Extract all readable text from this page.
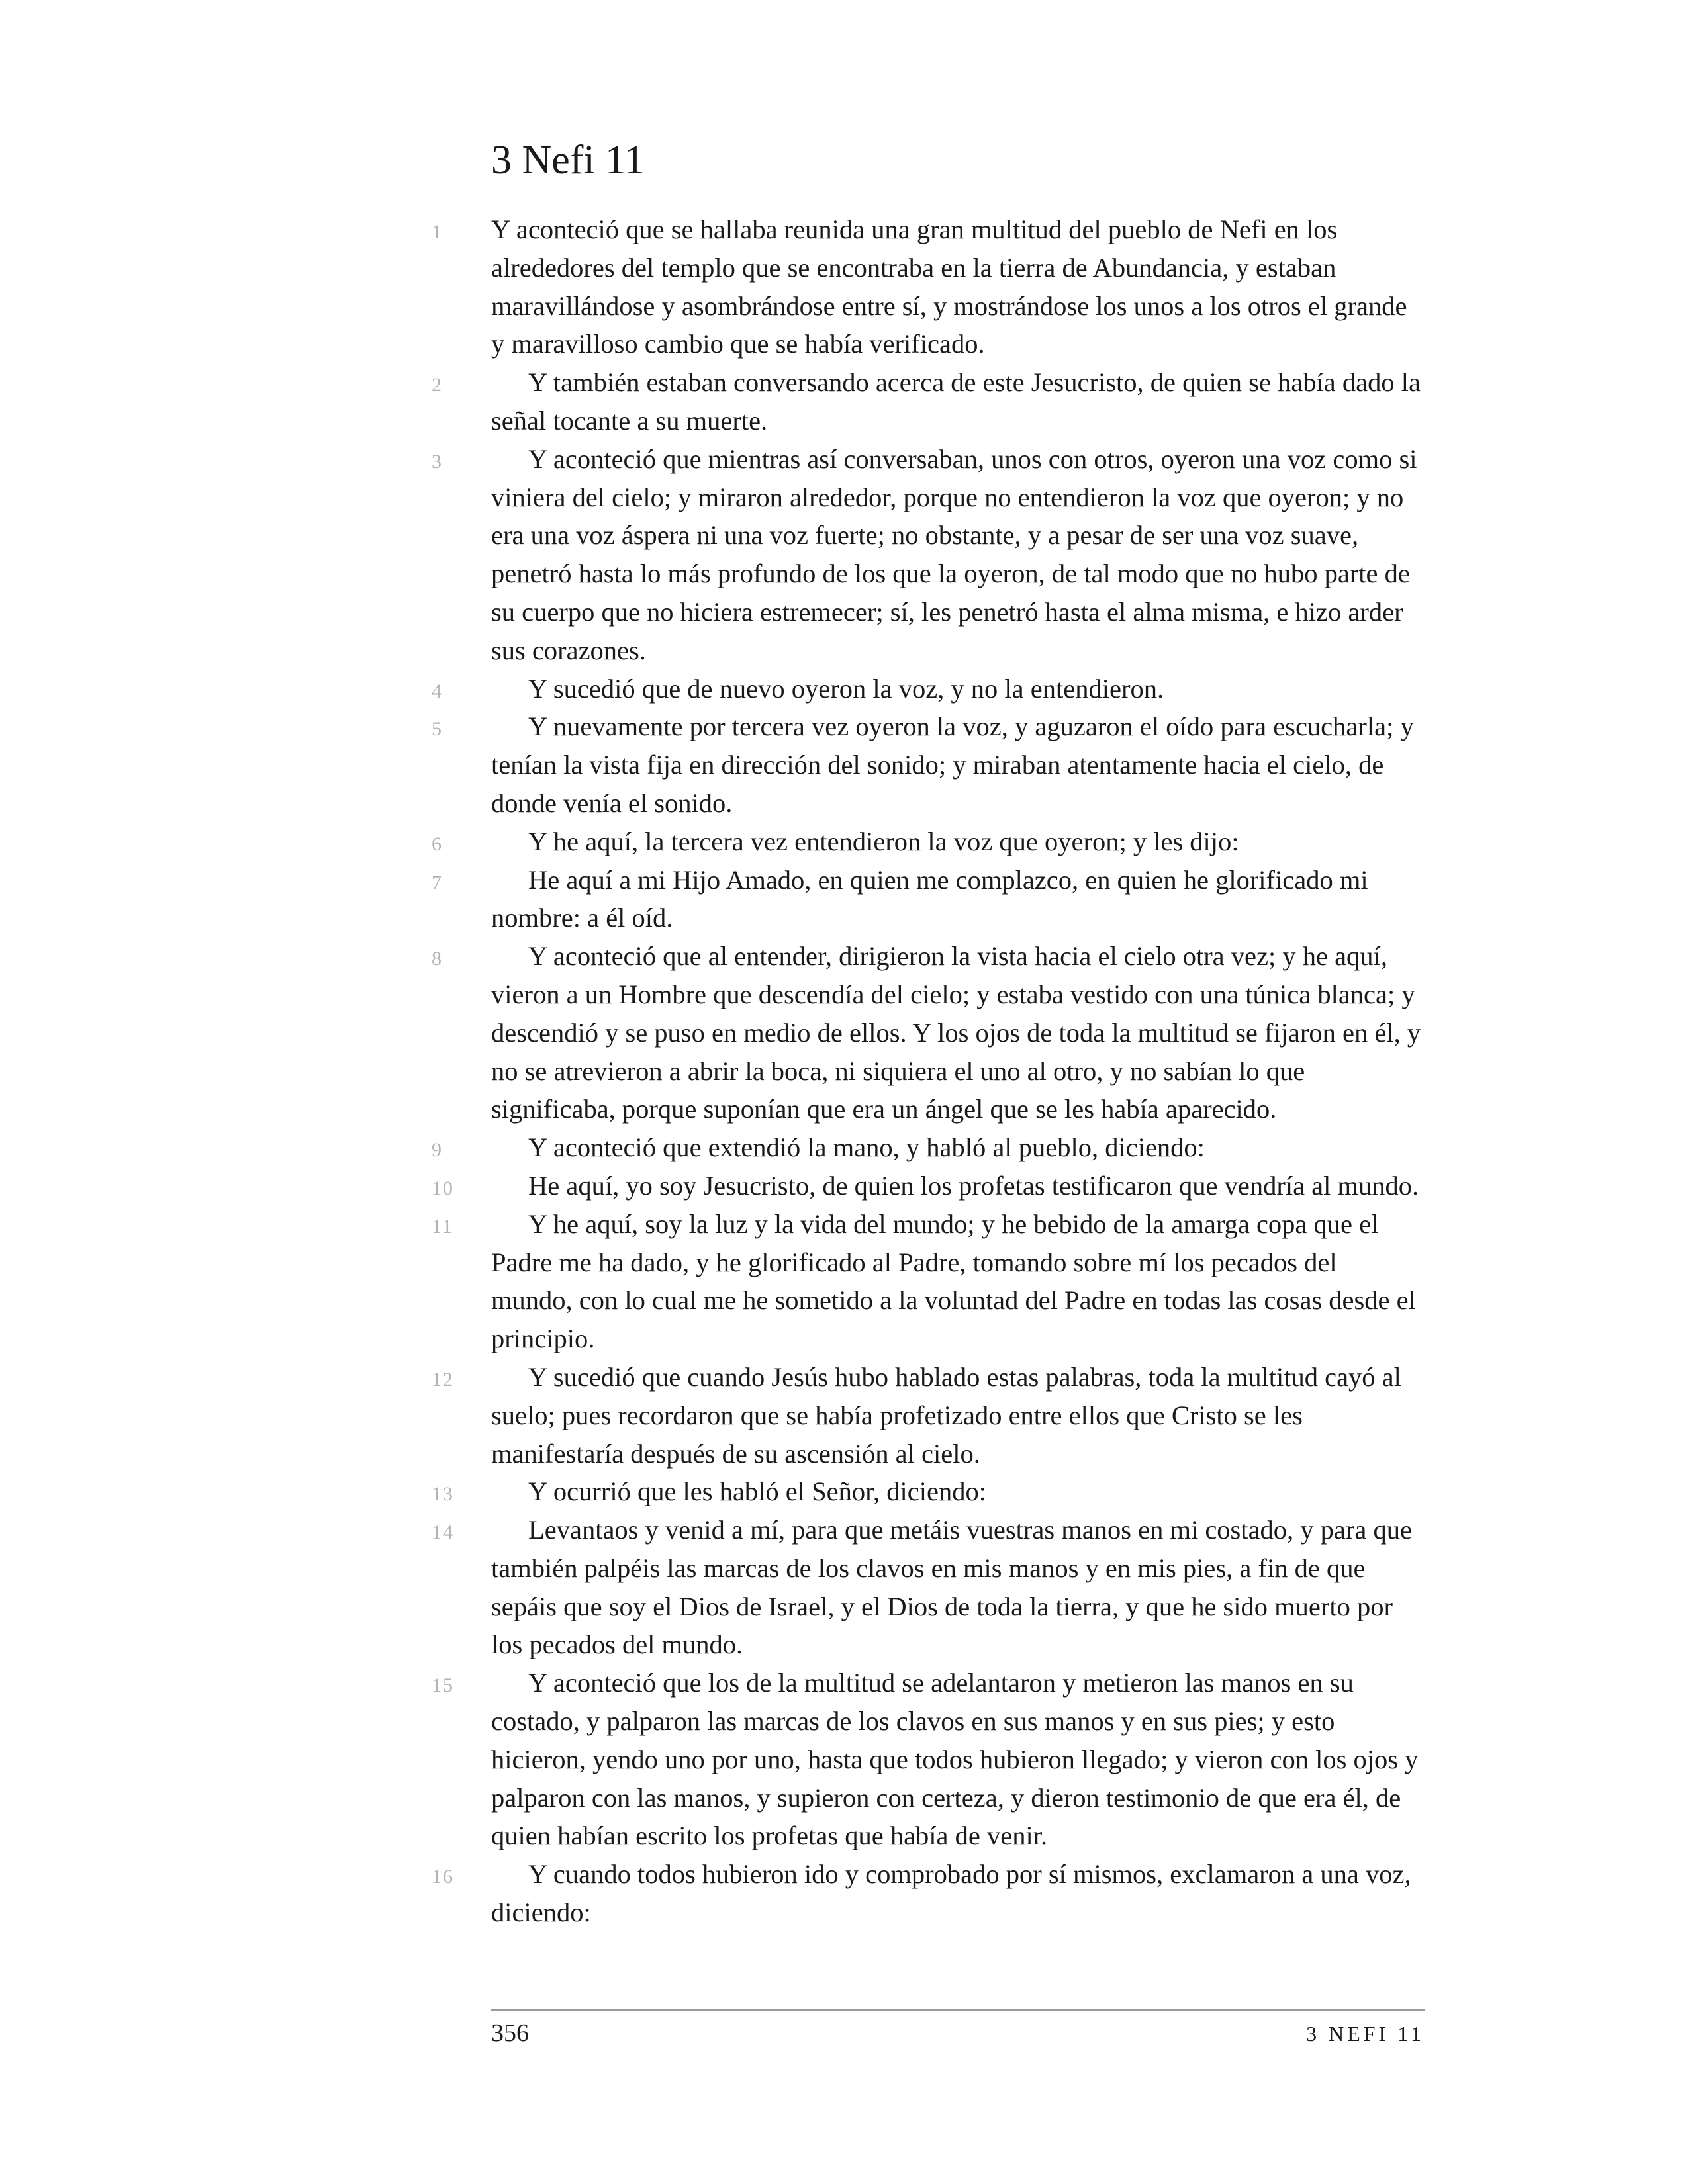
3 Nefi 11

1	Y aconteció que se hallaba reunida una gran multitud del pueblo de Nefi en los alrededores del templo que se encontraba en la tierra de Abundancia, y estaban maravillándose y asombrándose entre sí, y mostrándose los unos a los otros el grande y maravilloso cambio que se había verificado.

2	Y también estaban conversando acerca de este Jesucristo, de quien se había dado la señal tocante a su muerte.

3	Y aconteció que mientras así conversaban, unos con otros, oyeron una voz como si viniera del cielo; y miraron alrededor, porque no entendieron la voz que oyeron; y no era una voz áspera ni una voz fuerte; no obstante, y a pesar de ser una voz suave, penetró hasta lo más profundo de los que la oyeron, de tal modo que no hubo parte de su cuerpo que no hiciera estremecer; sí, les penetró hasta el alma misma, e hizo arder sus corazones.

4	Y sucedió que de nuevo oyeron la voz, y no la entendieron.

5	Y nuevamente por tercera vez oyeron la voz, y aguzaron el oído para escucharla; y tenían la vista fija en dirección del sonido; y miraban atentamente hacia el cielo, de donde venía el sonido.

6	Y he aquí, la tercera vez entendieron la voz que oyeron; y les dijo:

7	He aquí a mi Hijo Amado, en quien me complazco, en quien he glorificado mi nombre: a él oíd.

8	Y aconteció que al entender, dirigieron la vista hacia el cielo otra vez; y he aquí, vieron a un Hombre que descendía del cielo; y estaba vestido con una túnica blanca; y descendió y se puso en medio de ellos. Y los ojos de toda la multitud se fijaron en él, y no se atrevieron a abrir la boca, ni siquiera el uno al otro, y no sabían lo que significaba, porque suponían que era un ángel que se les había aparecido.

9	Y aconteció que extendió la mano, y habló al pueblo, diciendo:

10	He aquí, yo soy Jesucristo, de quien los profetas testificaron que vendría al mundo.

11	Y he aquí, soy la luz y la vida del mundo; y he bebido de la amarga copa que el Padre me ha dado, y he glorificado al Padre, tomando sobre mí los pecados del mundo, con lo cual me he sometido a la voluntad del Padre en todas las cosas desde el principio.

12	Y sucedió que cuando Jesús hubo hablado estas palabras, toda la multitud cayó al suelo; pues recordaron que se había profetizado entre ellos que Cristo se les manifestaría después de su ascensión al cielo.

13	Y ocurrió que les habló el Señor, diciendo:

14	Levantaos y venid a mí, para que metáis vuestras manos en mi costado, y para que también palpéis las marcas de los clavos en mis manos y en mis pies, a fin de que sepáis que soy el Dios de Israel, y el Dios de toda la tierra, y que he sido muerto por los pecados del mundo.

15	Y aconteció que los de la multitud se adelantaron y metieron las manos en su costado, y palparon las marcas de los clavos en sus manos y en sus pies; y esto hicieron, yendo uno por uno, hasta que todos hubieron llegado; y vieron con los ojos y palparon con las manos, y supieron con certeza, y dieron testimonio de que era él, de quien habían escrito los profetas que había de venir.

16	Y cuando todos hubieron ido y comprobado por sí mismos, exclamaron a una voz, diciendo:

356	3 NEFI 11
